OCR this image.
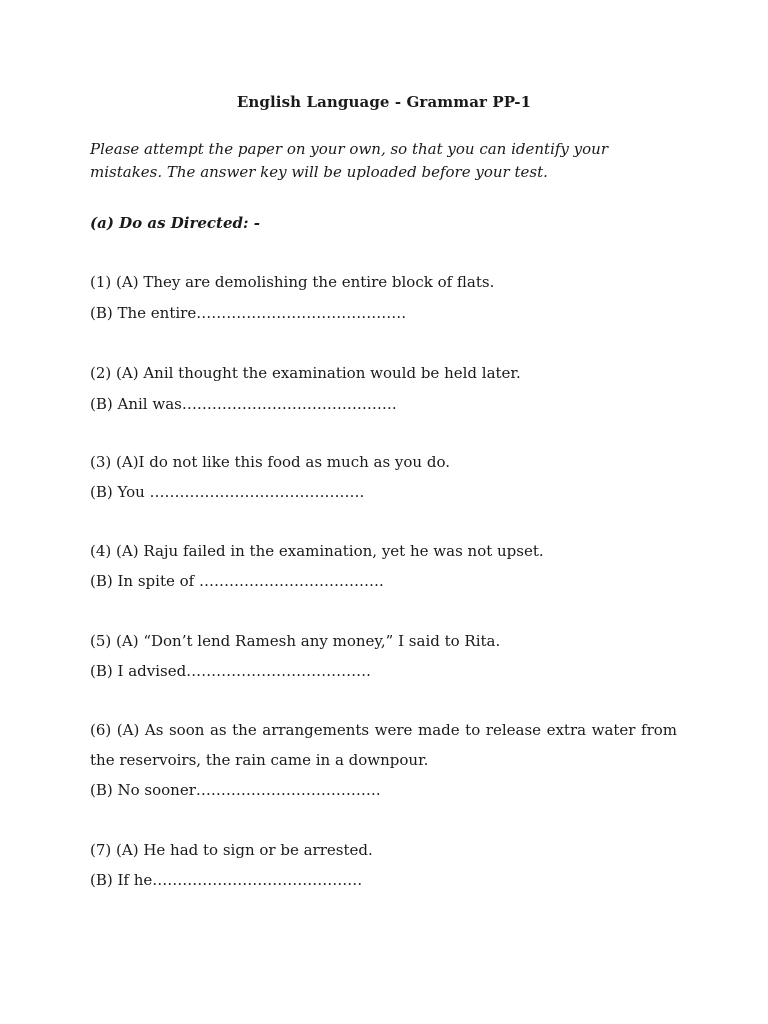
English Language - Grammar PP-1
Please attempt the paper on your own, so that you can identify your mistakes. The answer key will be uploaded before your test.
(a) Do as Directed: -
(1) (A) They are demolishing the entire block of flats.
(B) The entire……………………………………
(2) (A) Anil thought the examination would be held later.
(B) Anil was…………………………………….
(3) (A)I do not like this food as much as you do.
(B) You …………………………………….
(4) (A) Raju failed in the examination, yet he was not upset.
(B) In spite of ……………………………….
(5) (A) “Don’t lend Ramesh any money,” I said to Rita.
(B) I advised……………………………….
(6) (A) As soon as the arrangements were made to release extra water from the reservoirs, the rain came in a downpour.
(B) No sooner……………………………….
(7) (A) He had to sign or be arrested.
(B) If he……………………………………
